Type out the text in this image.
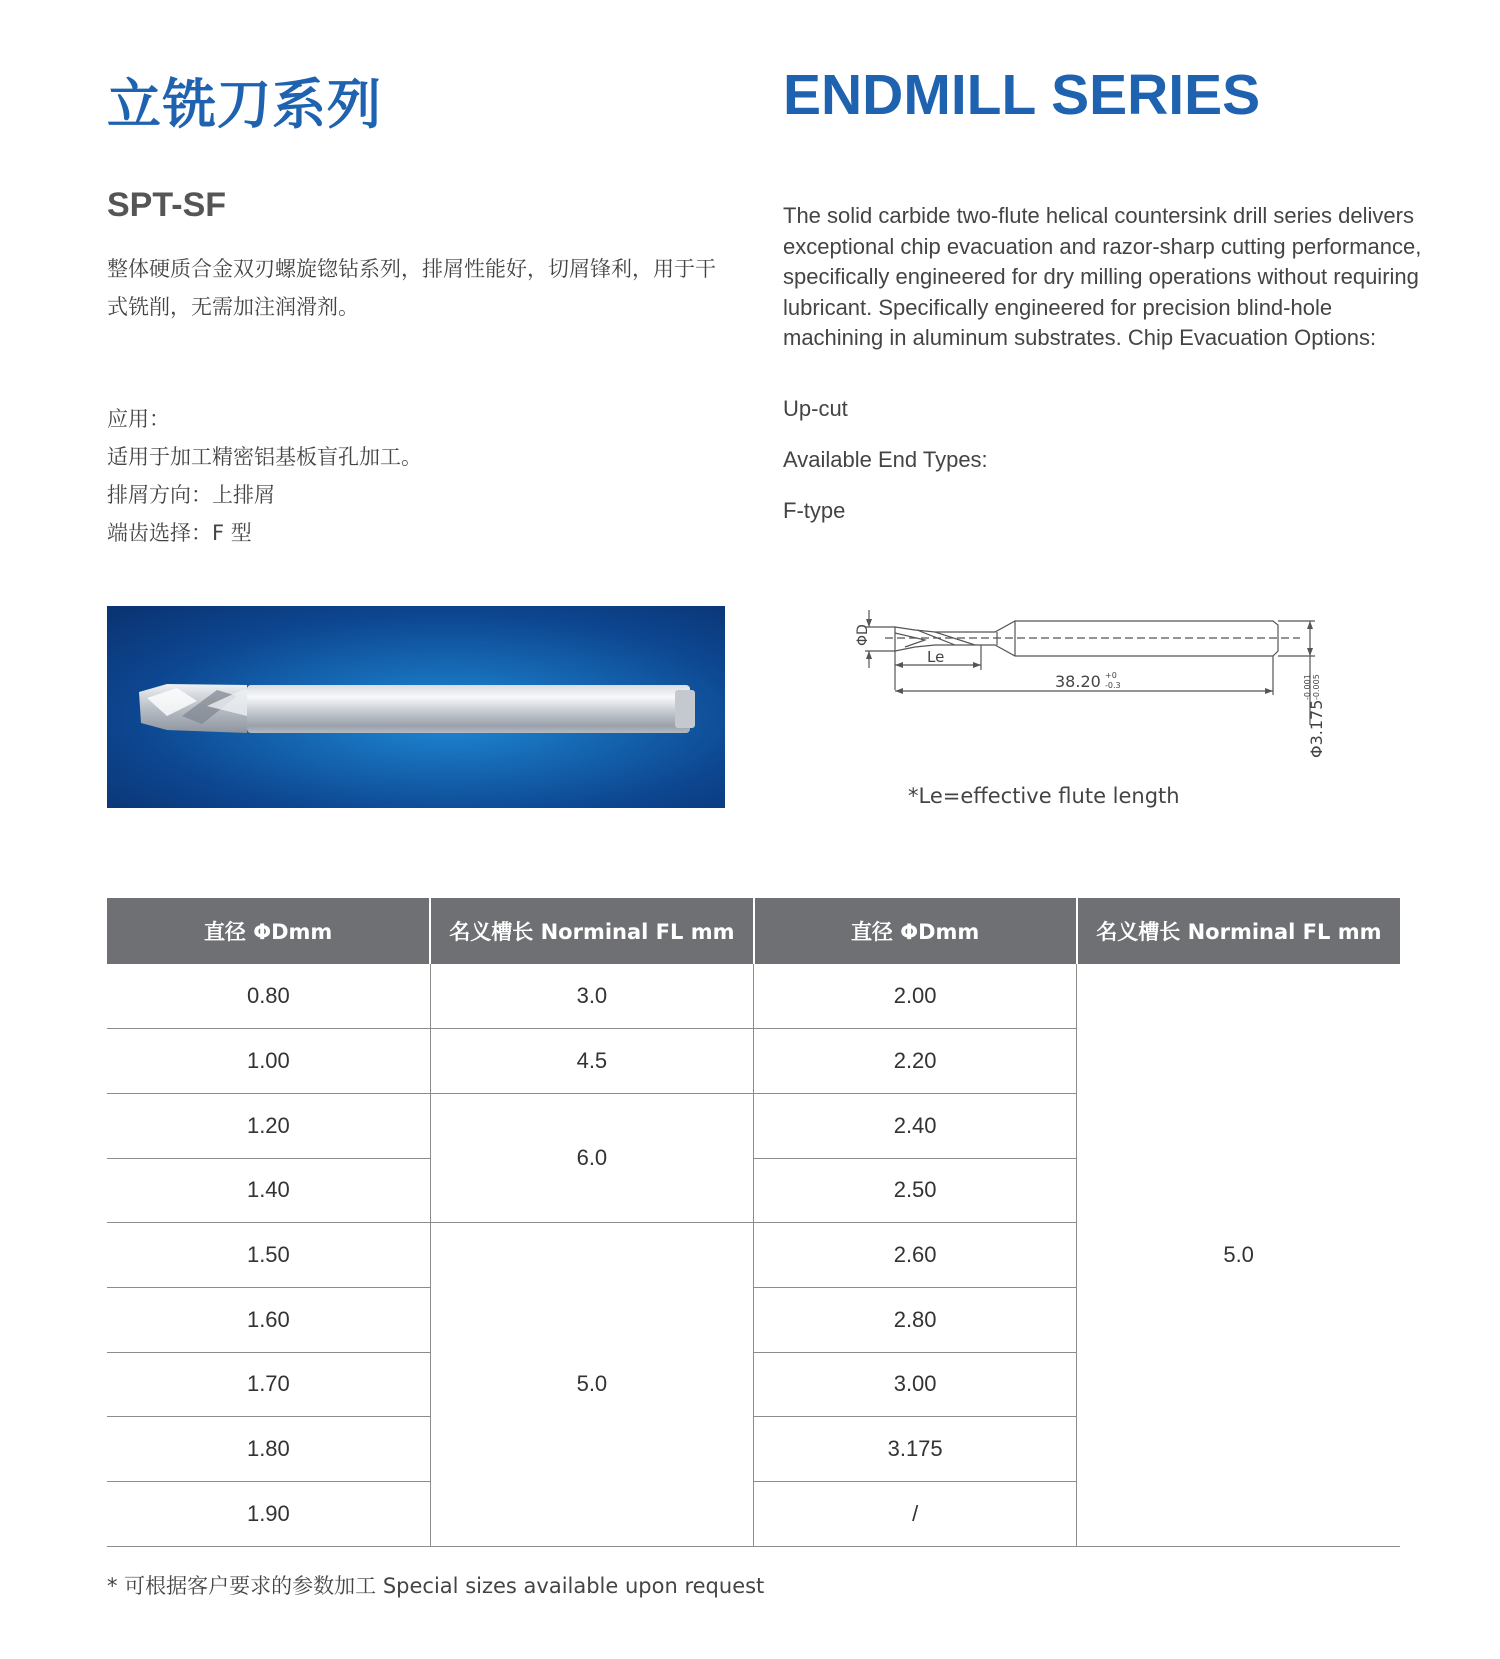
立铣刀系列	ENDMILL SERIES
SPT-SF
整体硬质合金双刃螺旋锪钻系列，排屑性能好，切屑锋利，用于干式铣削，无需加注润滑剂。
应用：
适用于加工精密铝基板盲孔加工。
排屑方向：上排屑
端齿选择：F 型
The solid carbide two-flute helical countersink drill series delivers exceptional chip evacuation and razor-sharp cutting performance, specifically engineered for dry milling operations without requiring lubricant. Specifically engineered for precision blind-hole machining in aluminum substrates. Chip Evacuation Options:
Up-cut
Available End Types:
F-type
ΦD
Le
38.20 +0
-0.3
Φ3.175
-0.001 -0.005
*Le=effective flute length
直径 ΦDmm	名义槽长 Norminal FL mm	直径 ΦDmm	名义槽长 Norminal FL mm
0.80	3.0	2.00	5.0
1.00	4.5	2.20	
1.20	6.0	2.40	
1.40		2.50	
1.50	5.0	2.60	
1.60		2.80	
1.70		3.00	
1.80		3.175	
1.90		/	
* 可根据客户要求的参数加工 Special sizes available upon request
